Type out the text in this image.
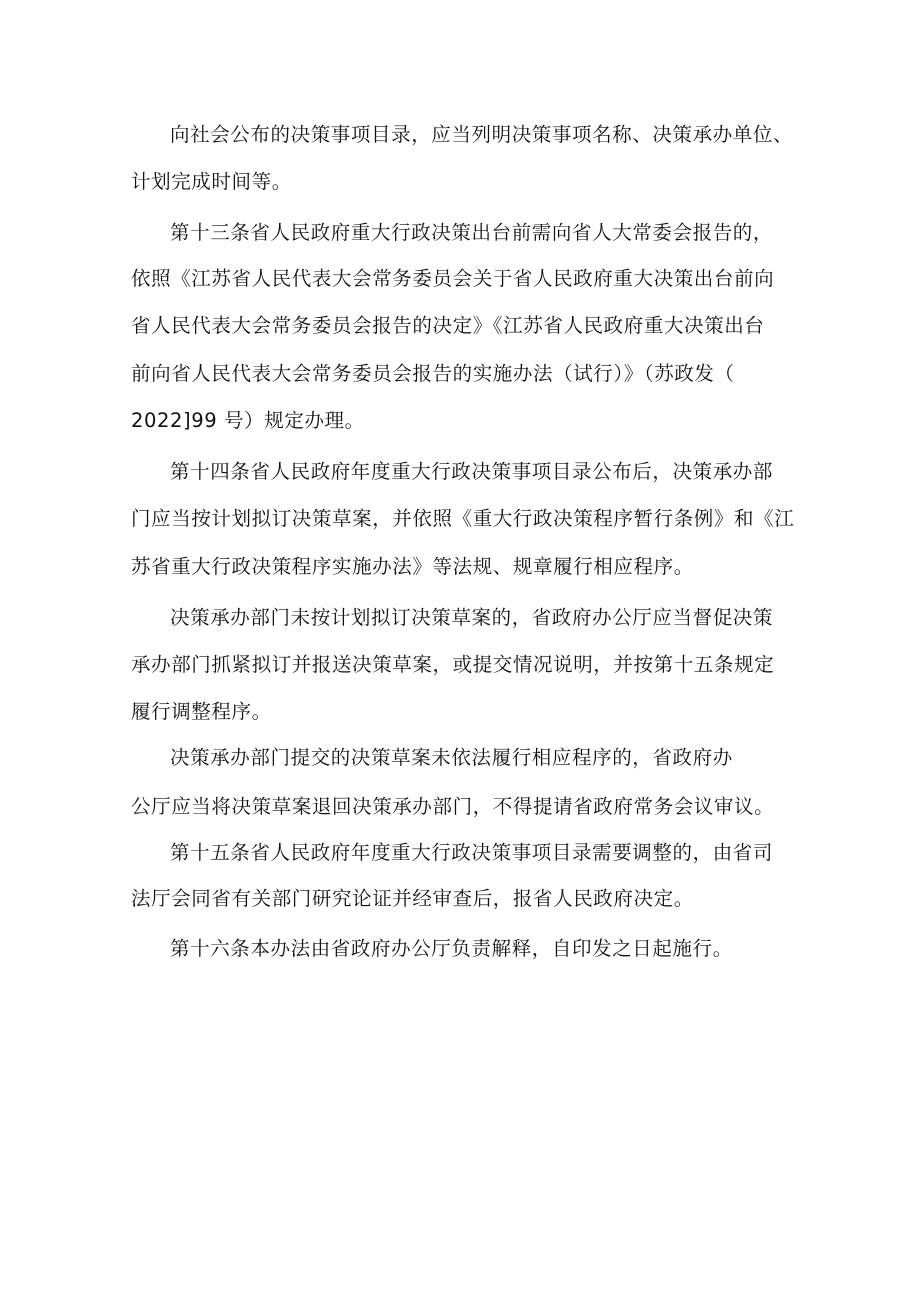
向社会公布的决策事项目录，应当列明决策事项名称、决策承办单位、
计划完成时间等。
第十三条省人民政府重大行政决策出台前需向省人大常委会报告的，
依照《江苏省人民代表大会常务委员会关于省人民政府重大决策出台前向
省人民代表大会常务委员会报告的决定》《江苏省人民政府重大决策出台
前向省人民代表大会常务委员会报告的实施办法（试行）》（苏政发（
2022]99 号）规定办理。
第十四条省人民政府年度重大行政决策事项目录公布后，决策承办部
门应当按计划拟订决策草案，并依照《重大行政决策程序暂行条例》和《江
苏省重大行政决策程序实施办法》等法规、规章履行相应程序。
决策承办部门未按计划拟订决策草案的，省政府办公厅应当督促决策
承办部门抓紧拟订并报送决策草案，或提交情况说明，并按第十五条规定
履行调整程序。
决策承办部门提交的决策草案未依法履行相应程序的，省政府办
公厅应当将决策草案退回决策承办部门，不得提请省政府常务会议审议。
第十五条省人民政府年度重大行政决策事项目录需要调整的，由省司
法厅会同省有关部门研究论证并经审查后，报省人民政府决定。
第十六条本办法由省政府办公厅负责解释，自印发之日起施行。
